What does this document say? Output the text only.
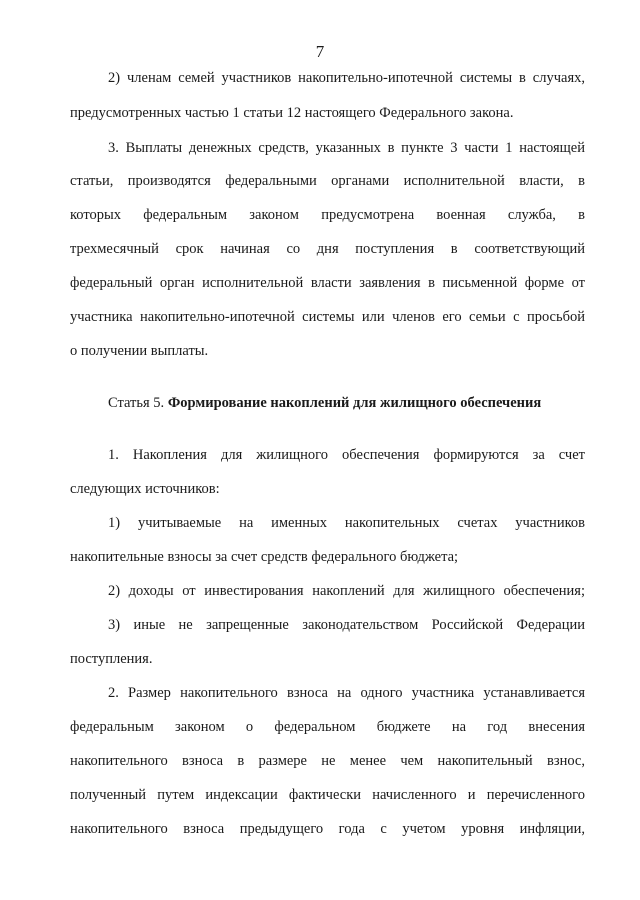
7
2) членам семей участников накопительно-ипотечной системы в случаях,
предусмотренных частью 1 статьи 12 настоящего Федерального закона.
3. Выплаты денежных средств, указанных в пункте 3 части 1 настоящей
статьи, производятся федеральными органами исполнительной власти, в
которых федеральным законом предусмотрена военная служба, в
трехмесячный срок начиная со дня поступления в соответствующий
федеральный орган исполнительной власти заявления в письменной форме от
участника накопительно-ипотечной системы или членов его семьи с просьбой
о получении выплаты.
Статья 5. Формирование накоплений для жилищного обеспечения
1. Накопления для жилищного обеспечения формируются за счет
следующих источников:
1) учитываемые на именных накопительных счетах участников
накопительные взносы за счет средств федерального бюджета;
2) доходы от инвестирования накоплений для жилищного обеспечения;
3) иные не запрещенные законодательством Российской Федерации
поступления.
2. Размер накопительного взноса на одного участника устанавливается
федеральным законом о федеральном бюджете на год внесения
накопительного взноса в размере не менее чем накопительный взнос,
полученный путем индексации фактически начисленного и перечисленного
накопительного взноса предыдущего года с учетом уровня инфляции,
